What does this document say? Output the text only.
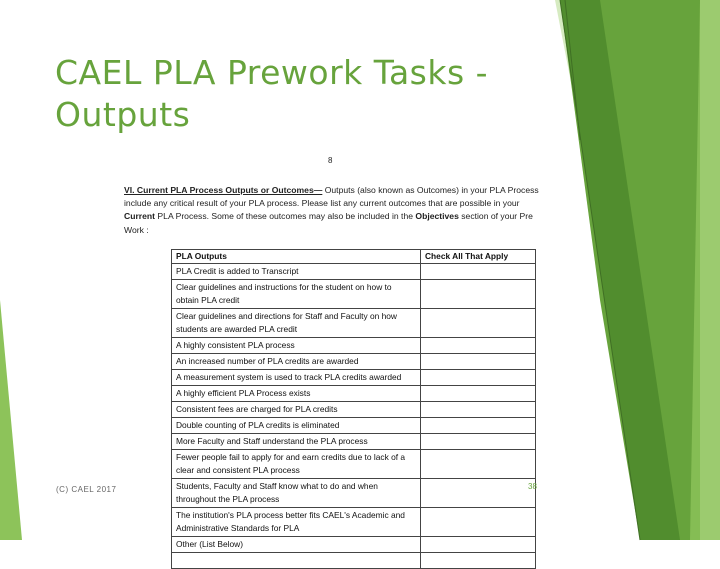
CAEL PLA Prework Tasks - Outputs
8
VI. Current PLA Process Outputs or Outcomes— Outputs (also known as Outcomes) in your PLA Process include any critical result of your PLA process. Please list any current outcomes that are possible in your Current PLA Process. Some of these outcomes may also be included in the Objectives section of your Pre Work :
PLA Outputs	Check All That Apply
PLA Credit is added to Transcript	
Clear guidelines and instructions for the student on how to obtain PLA credit	
Clear guidelines and directions for Staff and Faculty on how students are awarded PLA credit	
A highly consistent PLA process	
An increased number of PLA credits are awarded	
A measurement system is used to track PLA credits awarded	
A highly efficient PLA Process exists	
Consistent fees are charged for PLA credits	
Double counting of PLA credits is eliminated	
More Faculty and Staff understand the PLA process	
Fewer people fail to apply for and earn credits due to lack of a clear and consistent PLA process	
Students, Faculty and Staff know what to do and when throughout the PLA process	
The institution's PLA process better fits CAEL's Academic and Administrative Standards for PLA	
Other (List Below)	

(C) CAEL 2017	38
